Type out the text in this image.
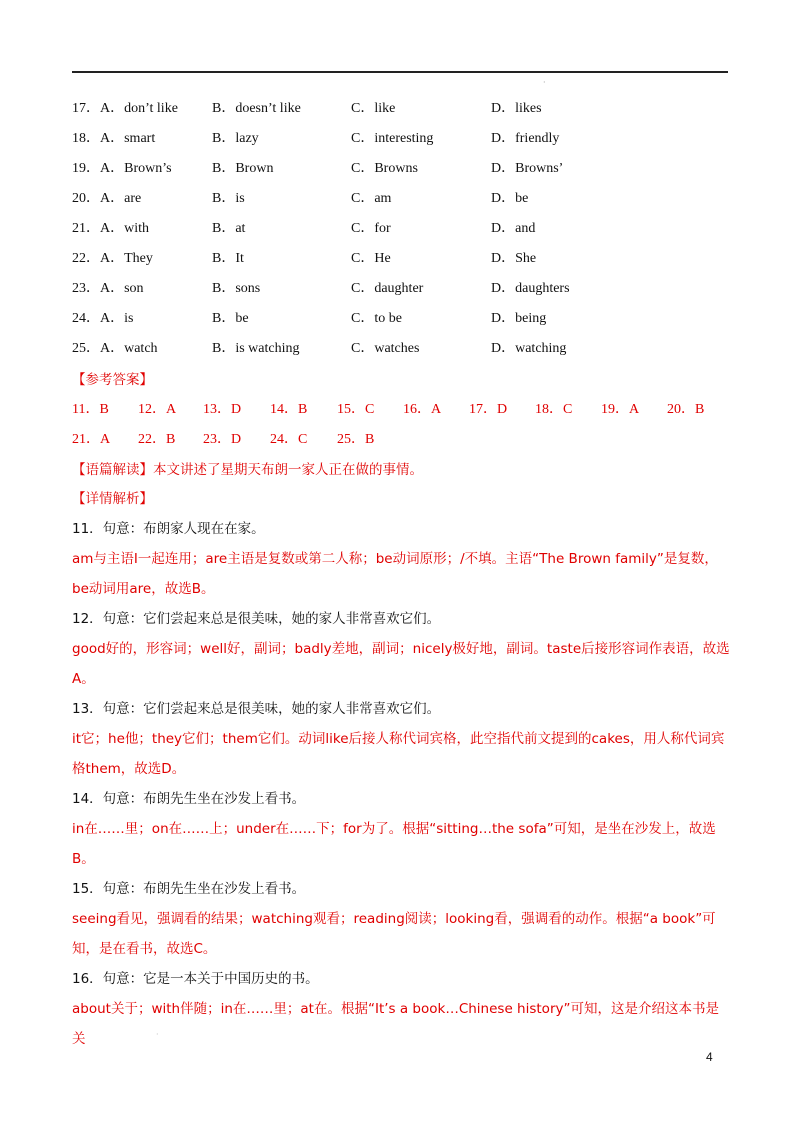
·
17．A．don’t like B．doesn’t like	C．like	D．likes
18．A．smart	B．lazy	C．interesting	D．friendly
19．A．Brown’s	B．Brown	C．Browns	D．Browns’
20．A．are	B．is	C．am	D．be
21．A．with	B．at	C．for	D．and
22．A．They	B．It	C．He	D．She
23．A．son	B．sons	C．daughter	D．daughters
24．A．is	B．be	C．to be	D．being
25．A．watch	B．is watching	C．watches	D．watching
【参考答案】
11．B 12．A 13．D 14．B 15．C 16．A 17．D 18．C 19．A 20．B
21．A 22．B 23．D 24．C 25．B
【语篇解读】本文讲述了星期天布朗一家人正在做的事情。
【详情解析】

11．句意：布朗家人现在在家。

am与主语I一起连用；are主语是复数或第二人称；be动词原形；/不填。主语“The Brown family”是复数，be动词用are，故选B。

12．句意：它们尝起来总是很美味，她的家人非常喜欢它们。

good好的，形容词；well好，副词；badly差地，副词；nicely极好地，副词。taste后接形容词作表语，故选A。

13．句意：它们尝起来总是很美味，她的家人非常喜欢它们。

it它；he他；they它们；them它们。动词like后接人称代词宾格，此空指代前文提到的cakes，用人称代词宾格them，故选D。

14．句意：布朗先生坐在沙发上看书。

in在……里；on在……上；under在……下；for为了。根据“sitting…the sofa”可知，是坐在沙发上，故选B。

15．句意：布朗先生坐在沙发上看书。

seeing看见，强调看的结果；watching观看；reading阅读；looking看，强调看的动作。根据“a book”可知，是在看书，故选C。

16．句意：它是一本关于中国历史的书。

about关于；with伴随；in在……里；at在。根据“It’s a book…Chinese history”可知，这是介绍这本书是关	·
4
